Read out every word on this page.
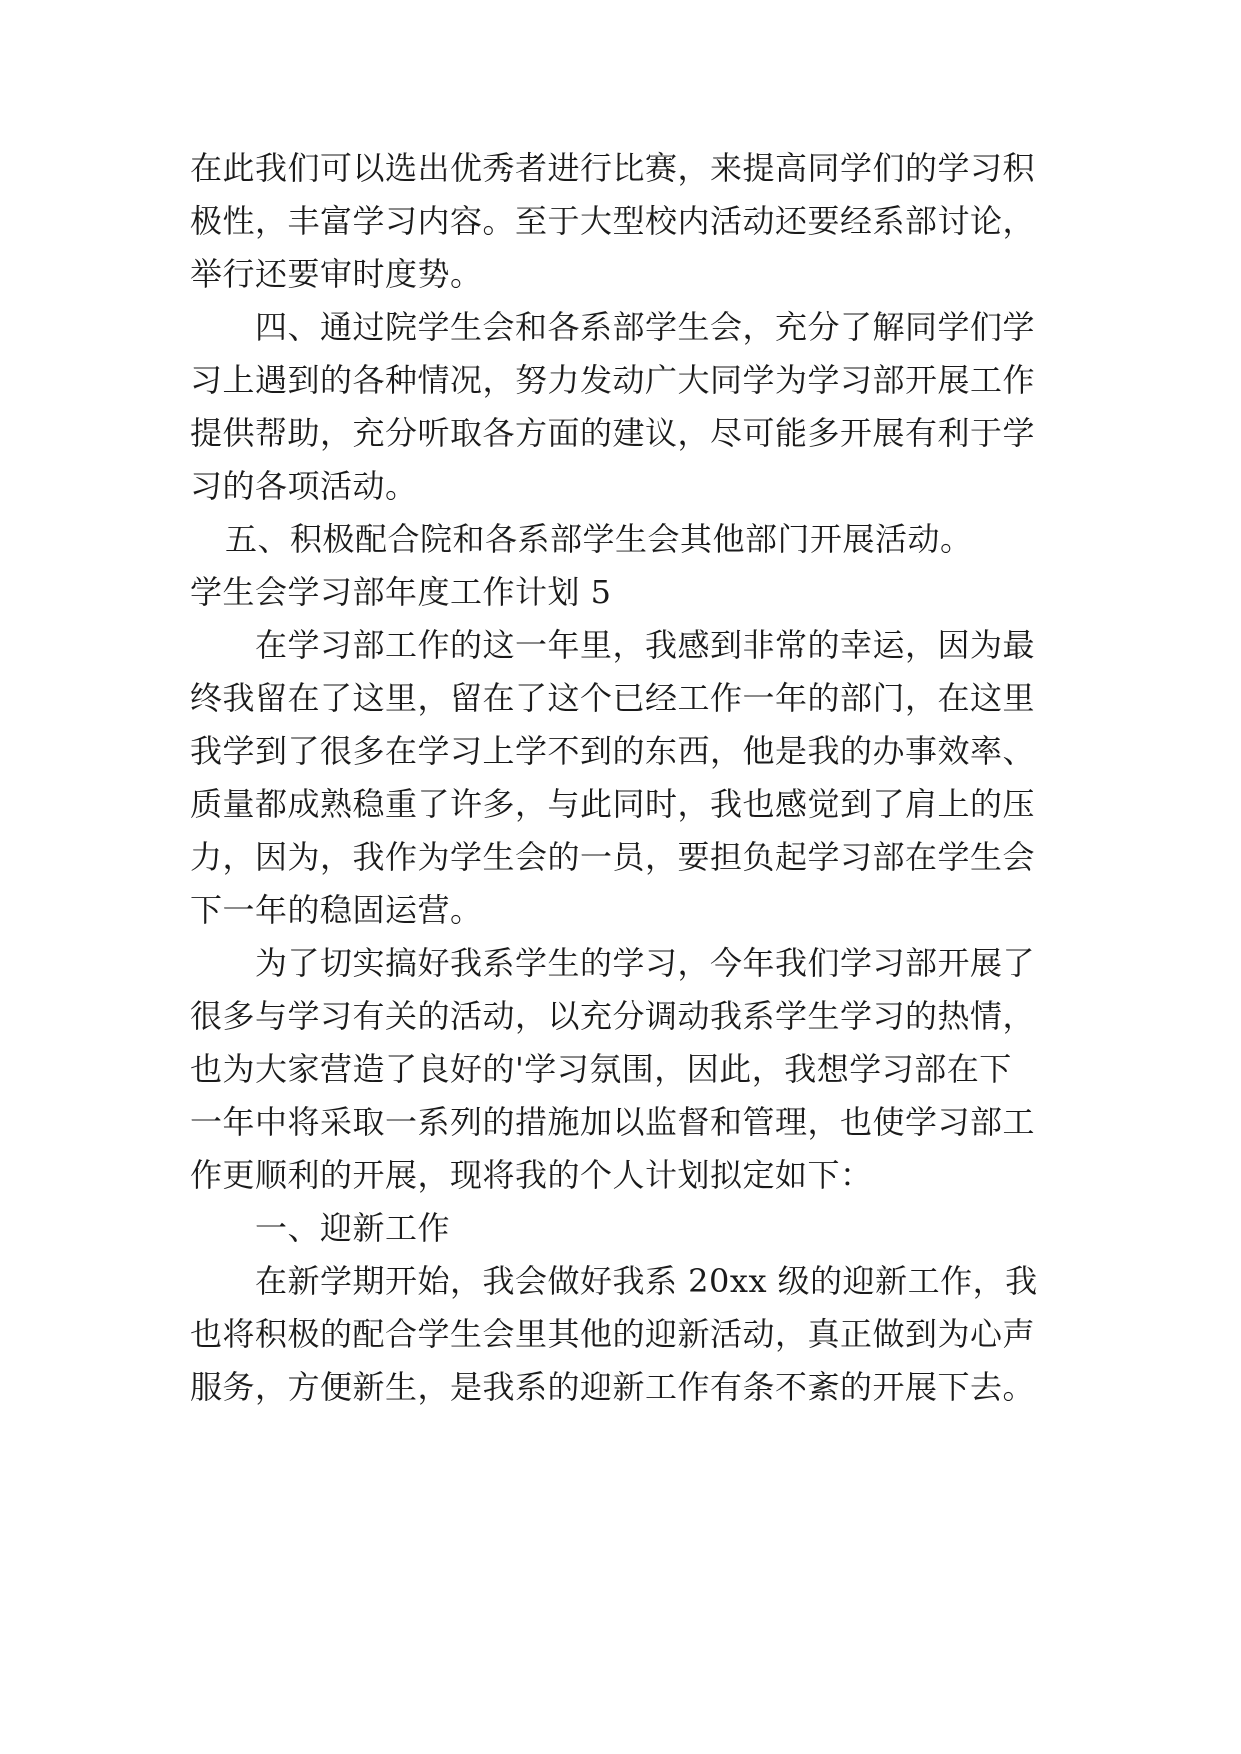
在此我们可以选出优秀者进行比赛，来提高同学们的学习积
极性，丰富学习内容。至于大型校内活动还要经系部讨论，
举行还要审时度势。
四、通过院学生会和各系部学生会，充分了解同学们学
习上遇到的各种情况，努力发动广大同学为学习部开展工作
提供帮助，充分听取各方面的建议，尽可能多开展有利于学
习的各项活动。
五、积极配合院和各系部学生会其他部门开展活动。
学生会学习部年度工作计划 5
在学习部工作的这一年里，我感到非常的幸运，因为最
终我留在了这里，留在了这个已经工作一年的部门，在这里
我学到了很多在学习上学不到的东西，他是我的办事效率、
质量都成熟稳重了许多，与此同时，我也感觉到了肩上的压
力，因为，我作为学生会的一员，要担负起学习部在学生会
下一年的稳固运营。
为了切实搞好我系学生的学习，今年我们学习部开展了
很多与学习有关的活动，以充分调动我系学生学习的热情，
也为大家营造了良好的'学习氛围，因此，我想学习部在下
一年中将采取一系列的措施加以监督和管理，也使学习部工
作更顺利的开展，现将我的个人计划拟定如下：
一、迎新工作
在新学期开始，我会做好我系 20xx 级的迎新工作，我
也将积极的配合学生会里其他的迎新活动，真正做到为心声
服务，方便新生，是我系的迎新工作有条不紊的开展下去。
